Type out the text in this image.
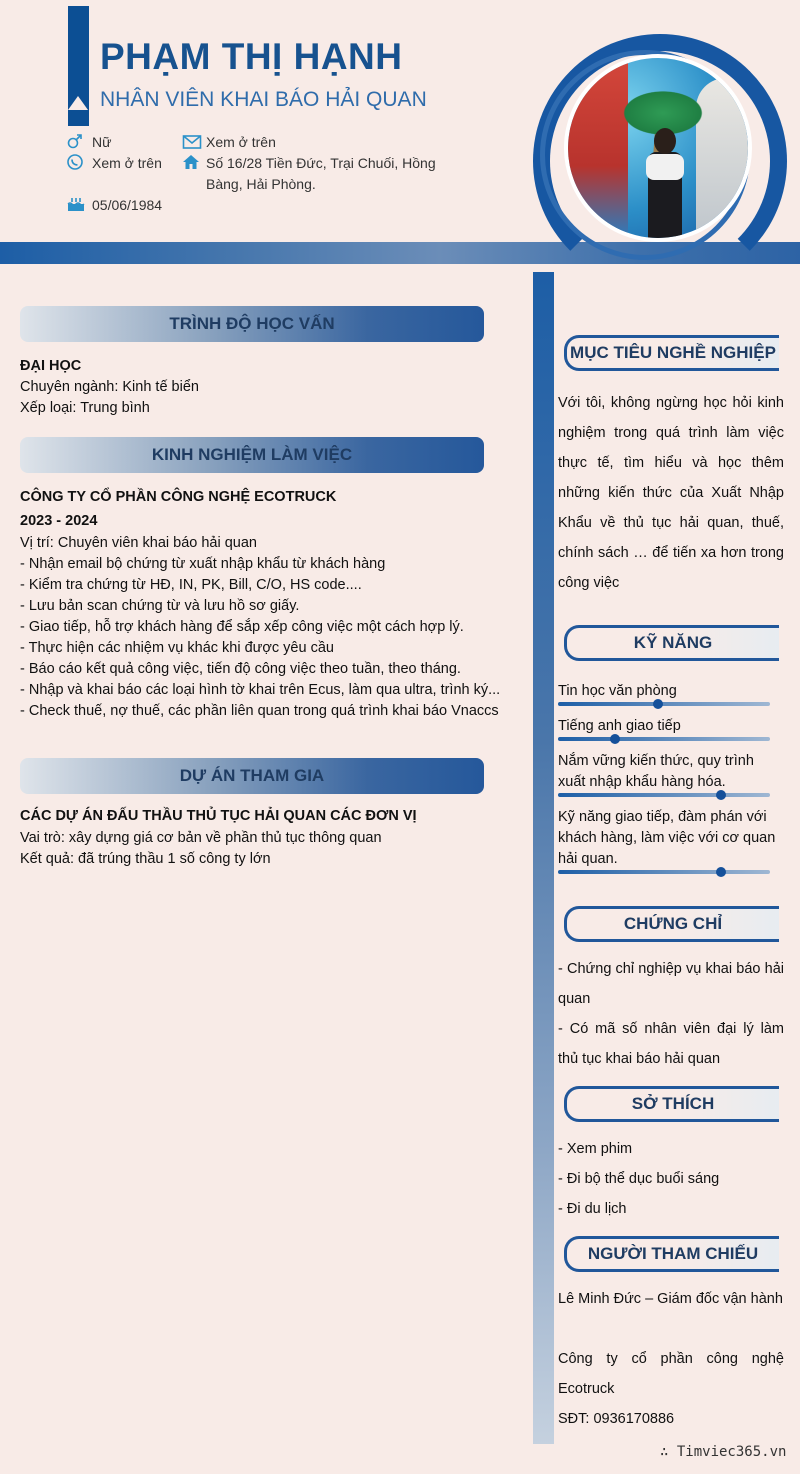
PHẠM THỊ HẠNH
NHÂN VIÊN KHAI BÁO HẢI QUAN
Nữ	Xem ở trên
Xem ở trên	Số 16/28 Tiền Đức, Trại Chuối, Hồng
Bàng, Hải Phòng.
05/06/1984
TRÌNH ĐỘ HỌC VẤN
ĐẠI HỌC
Chuyên ngành: Kinh tế biển
Xếp loại: Trung bình
KINH NGHIỆM LÀM VIỆC
CÔNG TY CỔ PHẦN CÔNG NGHỆ ECOTRUCK
2023 - 2024
Vị trí: Chuyên viên khai báo hải quan
- Nhận email bộ chứng từ xuất nhập khẩu từ khách hàng
- Kiểm tra chứng từ HĐ, IN, PK, Bill, C/O, HS code....
- Lưu bản scan chứng từ và lưu hồ sơ giấy.
- Giao tiếp, hỗ trợ khách hàng để sắp xếp công việc một cách hợp lý.
- Thực hiện các nhiệm vụ khác khi được yêu cầu
- Báo cáo kết quả công việc, tiến độ công việc theo tuần, theo tháng.
- Nhập và khai báo các loại hình tờ khai trên Ecus, làm qua ultra, trình ký...
- Check thuế, nợ thuế, các phần liên quan trong quá trình khai báo Vnaccs
DỰ ÁN THAM GIA
CÁC DỰ ÁN ĐẤU THẦU THỦ TỤC HẢI QUAN CÁC ĐƠN VỊ
Vai trò: xây dựng giá cơ bản về phần thủ tục thông quan
Kết quả: đã trúng thầu 1 số công ty lớn
MỤC TIÊU NGHỀ NGHIỆP
Với tôi, không ngừng học hỏi kinh nghiệm trong quá trình làm việc thực tế, tìm hiểu và học thêm những kiến thức của Xuất Nhập Khẩu về thủ tục hải quan, thuế, chính sách … để tiến xa hơn trong công việc
KỸ NĂNG
Tin học văn phòng
Tiếng anh giao tiếp
Nắm vững kiến thức, quy trình xuất nhập khẩu hàng hóa.
Kỹ năng giao tiếp, đàm phán với khách hàng, làm việc với cơ quan hải quan.
CHỨNG CHỈ
- Chứng chỉ nghiệp vụ khai báo hải quan
- Có mã số nhân viên đại lý làm thủ tục khai báo hải quan
SỞ THÍCH
- Xem phim
- Đi bộ thể dục buổi sáng
- Đi du lịch
NGƯỜI THAM CHIẾU
Lê Minh Đức – Giám đốc vận hành
Công ty cổ phần công nghệ Ecotruck
SĐT: 0936170886
∴ Timviec365.vn
